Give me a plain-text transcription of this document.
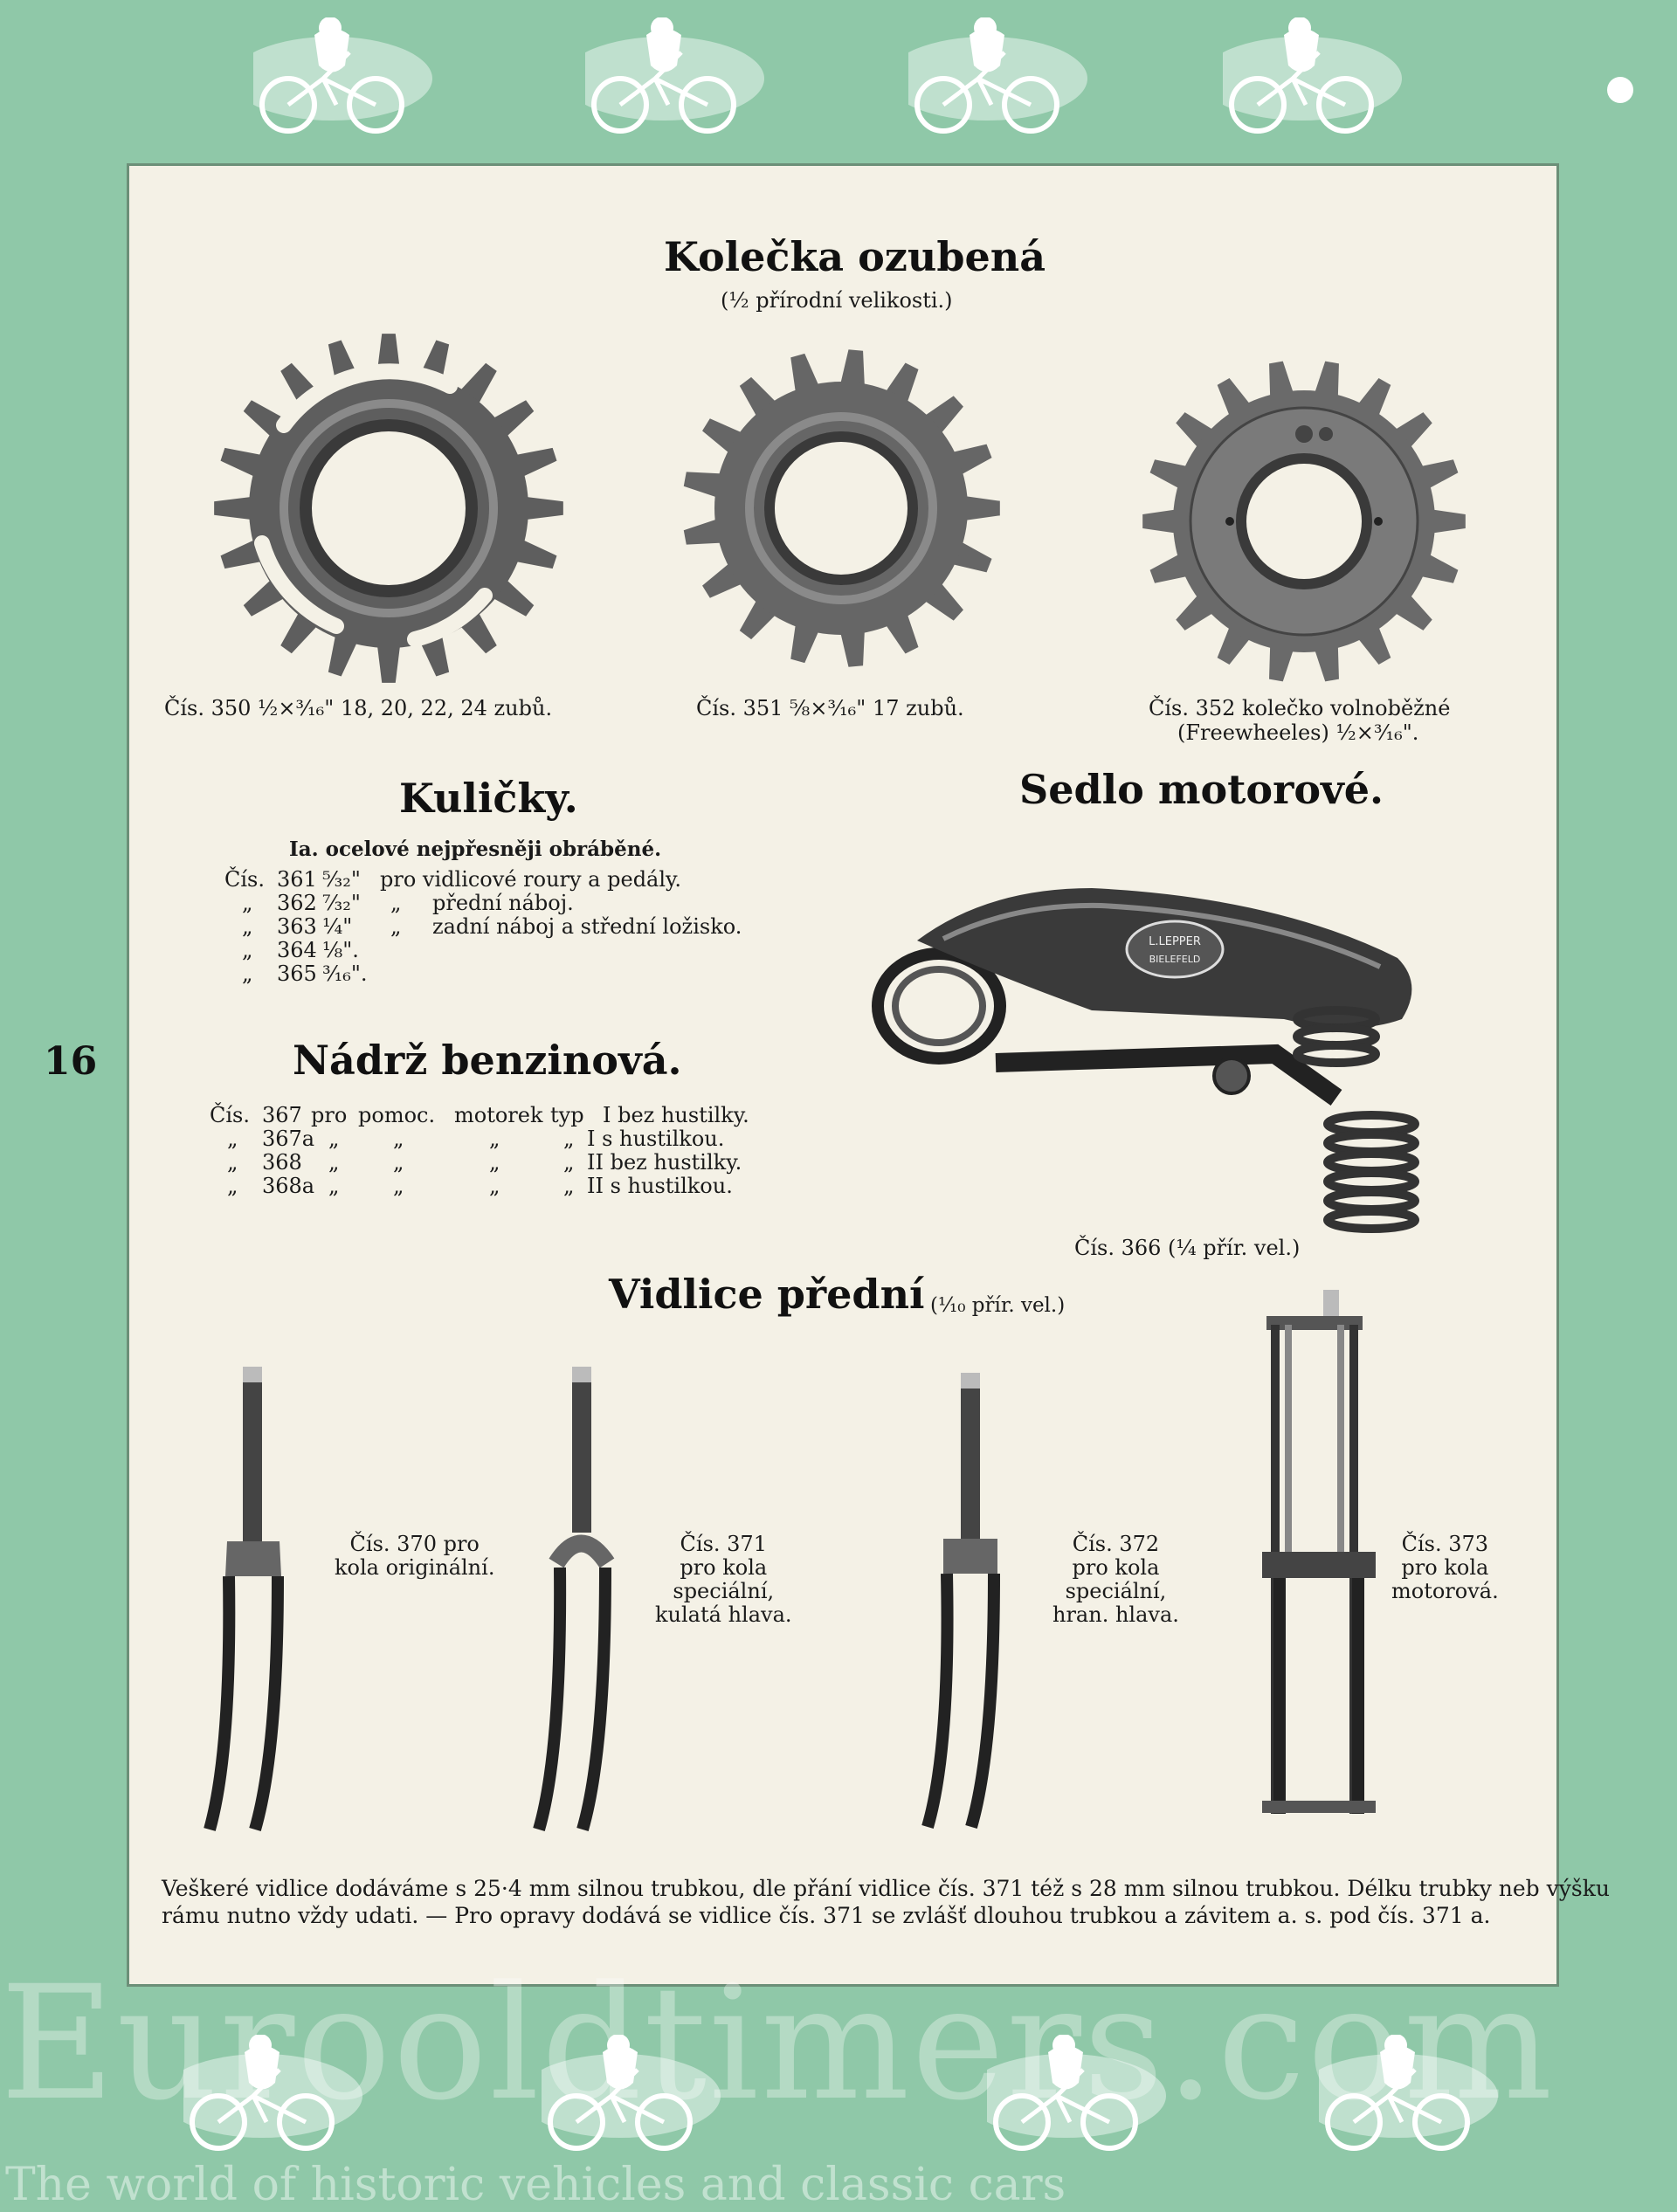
16
Kolečka ozubená
(½ přírodní velikosti.)
Čís. 350 ½×³⁄₁₆" 18, 20, 22, 24 zubů.	Čís. 351 ⅝×³⁄₁₆" 17 zubů.	Čís. 352 kolečko volnoběžné
(Freewheeles) ½×³⁄₁₆".
Kuličky.
Ia. ocelové nejpřesněji obráběné.
Čís. 361 ⁵⁄₃₂" pro vidlicové roury a pedály.
„ 362 ⁷⁄₃₂" „ přední náboj.
„ 363 ¼" „ zadní náboj a střední ložisko.
„ 364 ⅛".
„ 365 ³⁄₁₆".
Nádrž benzinová.
Čís. 367 pro pomoc. motorek typ I bez hustilky.
„ 367a „	„	„	„ I s hustilkou.
„ 368 „	„	„	„ II bez hustilky.
„ 368a „	„	„	„ II s hustilkou.
Sedlo motorové.
L.LEPPER
BIELEFELD
Čís. 366 (¼ přír. vel.)
Vidlice přední (¹⁄₁₀ přír. vel.)
Čís. 370 pro
kola originální.
Čís. 371
pro kola
speciální,
kulatá hlava.
Čís. 372
pro kola
speciální,
hran. hlava.
Čís. 373
pro kola
motorová.
Veškeré vidlice dodáváme s 25·4 mm silnou trubkou, dle přání vidlice čís. 371 též s 28 mm silnou trubkou. Délku trubky neb výšku
rámu nutno vždy udati. — Pro opravy dodává se vidlice čís. 371 se zvlášť dlouhou trubkou a závitem a. s. pod čís. 371 a.
Eurooldtimers.com
The world of historic vehicles and classic cars
